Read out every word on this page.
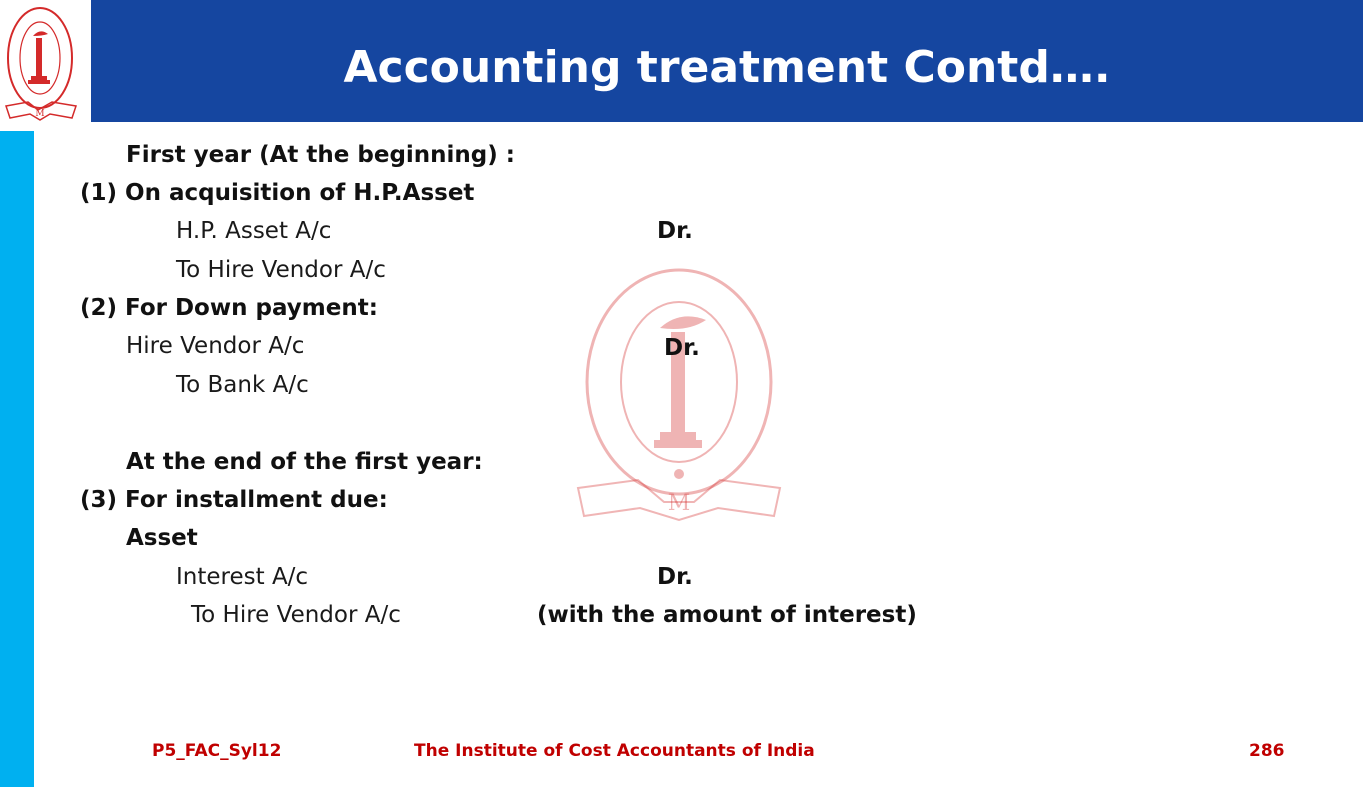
M
Accounting treatment Contd….
M
First year (At the beginning) :
(1) On acquisition of H.P.Asset
H.P. Asset A/c	Dr.
To Hire Vendor A/c
(2) For Down payment:
Hire Vendor A/c	Dr.
To Bank A/c
At the end of the first year:
(3) For installment due:
Asset
Interest A/c	Dr.
To Hire Vendor A/c	(with the amount of interest)
P5_FAC_Syl12	The Institute of Cost Accountants of India	286
